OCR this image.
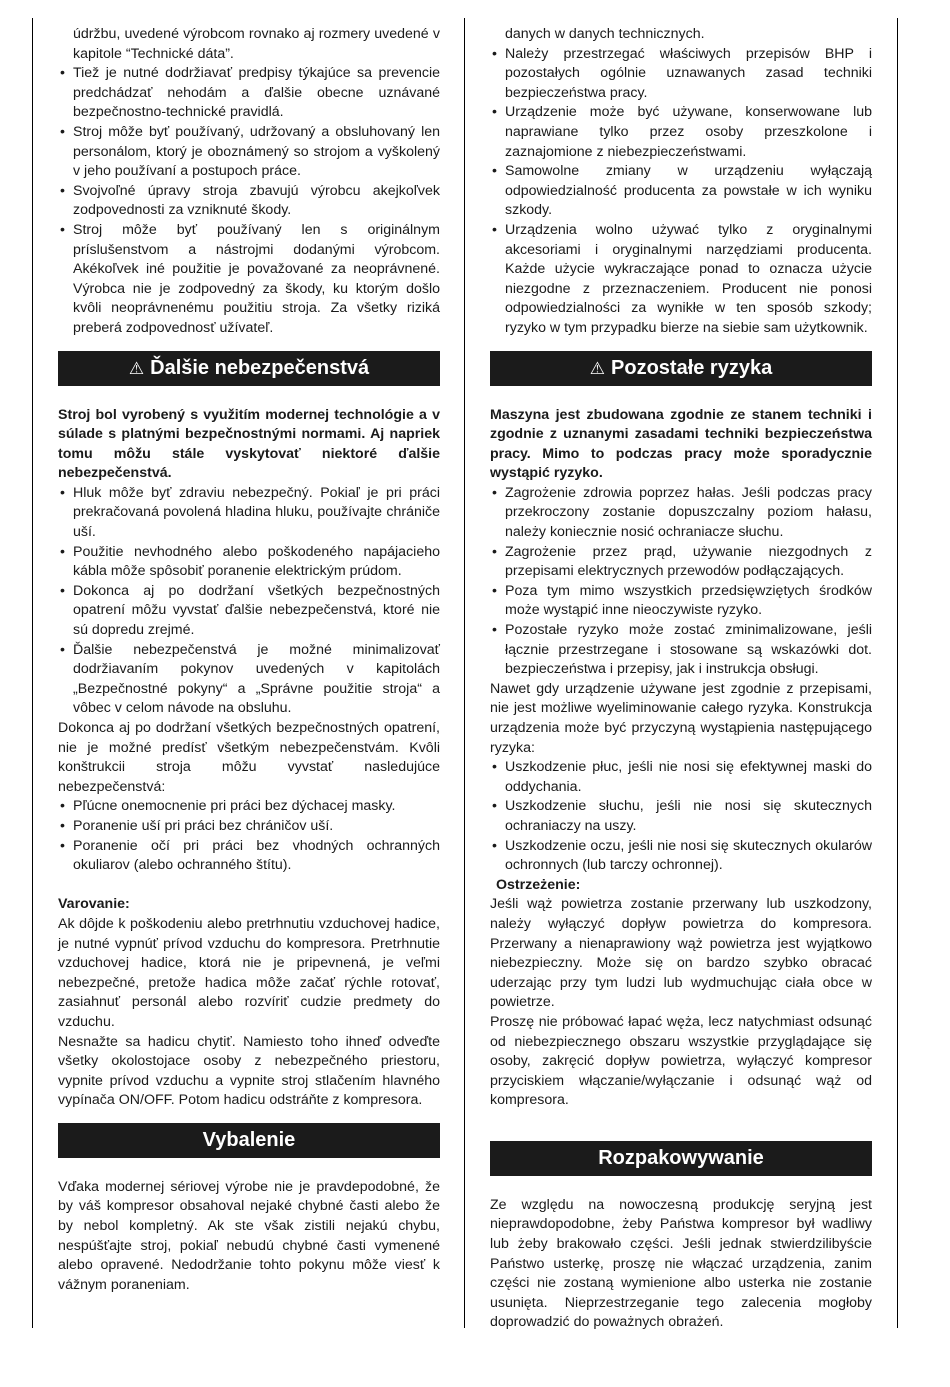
údržbu, uvedené výrobcom rovnako aj rozmery uvedené v kapitole “Technické dáta”.
• Tiež je nutné dodržiavať predpisy týkajúce sa prevencie predchádzať nehodám a ďalšie obecne uznávané bezpečnostno-technické pravidlá.
• Stroj môže byť používaný, udržovaný a obsluhovaný len personálom, ktorý je oboznámený so strojom a vyškolený v jeho používaní a postupoch práce.
• Svojvoľné úpravy stroja zbavujú výrobcu akejkoľvek zodpovednosti za vzniknuté škody.
• Stroj môže byť používaný len s originálnym príslušenstvom a nástrojmi dodanými výrobcom. Akékoľvek iné použitie je považované za neoprávnené. Výrobca nie je zodpovedný za škody, ku ktorým došlo kvôli neoprávnenému použitiu stroja. Za všetky riziká preberá zodpovednosť užívateľ.
⚠ Ďalšie nebezpečenstvá

Stroj bol vyrobený s využitím modernej technológie a v súlade s platnými bezpečnostnými normami. Aj napriek tomu môžu stále vyskytovať niektoré ďalšie nebezpečenstvá.

• Hluk môže byť zdraviu nebezpečný. Pokiaľ je pri práci prekračovaná povolená hladina hluku, používajte chrániče uší.
• Použitie nevhodného alebo poškodeného napájacieho kábla môže spôsobiť poranenie elektrickým prúdom.
• Dokonca aj po dodržaní všetkých bezpečnostných opatrení môžu vyvstať ďalšie nebezpečenstvá, ktoré nie sú dopredu zrejmé.
• Ďalšie nebezpečenstvá je možné minimalizovať dodržiavaním pokynov uvedených v kapitolách „Bezpečnostné pokyny“ a „Správne použitie stroja“ a vôbec v celom návode na obsluhu.

Dokonca aj po dodržaní všetkých bezpečnostných opatrení, nie je možné predísť všetkým nebezpečenstvám. Kvôli konštrukcii stroja môžu vyvstať nasledujúce nebezpečenstvá:

• Pľúcne onemocnenie pri práci bez dýchacej masky.
• Poranenie uší pri práci bez chráničov uší.
• Poranenie očí pri práci bez vhodných ochranných okuliarov (alebo ochranného štítu).

Varovanie:

Ak dôjde k poškodeniu alebo pretrhnutiu vzduchovej hadice, je nutné vypnúť prívod vzduchu do kompresora. Pretrhnutie vzduchovej hadice, ktorá nie je pripevnená, je veľmi nebezpečné, pretože hadica môže začať rýchle rotovať, zasiahnuť personál alebo rozvíriť cudzie predmety do vzduchu.

Nesnažte sa hadicu chytiť. Namiesto toho ihneď odveďte všetky okolostojace osoby z nebezpečného priestoru, vypnite prívod vzduchu a vypnite stroj stlačením hlavného vypínača ON/OFF. Potom hadicu odstráňte z kompresora.

Vybalenie

Vďaka modernej sériovej výrobe nie je pravdepodobné, že by váš kompresor obsahoval nejaké chybné časti alebo že by nebol kompletný. Ak ste však zistili nejakú chybu, nespúšťajte stroj, pokiaľ nebudú chybné časti vymenené alebo opravené. Nedodržanie tohto pokynu môže viesť k vážnym poraneniam.

danych w danych technicznych.
• Należy przestrzegać właściwych przepisów BHP i pozostałych ogólnie uznawanych zasad techniki bezpieczeństwa pracy.
• Urządzenie może być używane, konserwowane lub naprawiane tylko przez osoby przeszkolone i zaznajomione z niebezpieczeństwami.
• Samowolne zmiany w urządzeniu wyłączają odpowiedzialność producenta za powstałe w ich wyniku szkody.
• Urządzenia wolno używać tylko z oryginalnymi akcesoriami i oryginalnymi narzędziami producenta. Każde użycie wykraczające ponad to oznacza użycie niezgodne z przeznaczeniem. Producent nie ponosi odpowiedzialności za wynikłe w ten sposób szkody; ryzyko w tym przypadku bierze na siebie sam użytkownik.
⚠ Pozostałe ryzyka

Maszyna jest zbudowana zgodnie ze stanem techniki i zgodnie z uznanymi zasadami techniki bezpieczeństwa pracy. Mimo to podczas pracy może sporadycznie wystąpić ryzyko.

• Zagrożenie zdrowia poprzez hałas. Jeśli podczas pracy przekroczony zostanie dopuszczalny poziom hałasu, należy koniecznie nosić ochraniacze słuchu.
• Zagrożenie przez prąd, używanie niezgodnych z przepisami elektrycznych przewodów podłączających.
• Poza tym mimo wszystkich przedsięwziętych środków może wystąpić inne nieoczywiste ryzyko.
• Pozostałe ryzyko może zostać zminimalizowane, jeśli łącznie przestrzegane i stosowane są wskazówki dot. bezpieczeństwa i przepisy, jak i instrukcja obsługi.

Nawet gdy urządzenie używane jest zgodnie z przepisami, nie jest możliwe wyeliminowanie całego ryzyka. Konstrukcja urządzenia może być przyczyną wystąpienia następującego ryzyka:

• Uszkodzenie płuc, jeśli nie nosi się efektywnej maski do oddychania.
• Uszkodzenie słuchu, jeśli nie nosi się skutecznych ochraniaczy na uszy.
• Uszkodzenie oczu, jeśli nie nosi się skutecznych okularów ochronnych (lub tarczy ochronnej).

Ostrzeżenie:

Jeśli wąż powietrza zostanie przerwany lub uszkodzony, należy wyłączyć dopływ powietrza do kompresora. Przerwany a nienaprawiony wąż powietrza jest wyjątkowo niebezpieczny. Może się on bardzo szybko obracać uderzając przy tym ludzi lub wydmuchując ciała obce w powietrze.

Proszę nie próbować łapać węża, lecz natychmiast odsunąć od niebezpiecznego obszaru wszystkie przyglądające się osoby, zakręcić dopływ powietrza, wyłączyć kompresor przyciskiem włączanie/wyłączanie i odsunąć wąż od kompresora.

Rozpakowywanie

Ze względu na nowoczesną produkcję seryjną jest nieprawdopodobne, żeby Państwa kompresor był wadliwy lub żeby brakowało części. Jeśli jednak stwierdzilibyście Państwo usterkę, proszę nie włączać urządzenia, zanim części nie zostaną wymienione albo usterka nie zostanie usunięta. Nieprzestrzeganie tego zalecenia mogłoby doprowadzić do poważnych obrażeń.
